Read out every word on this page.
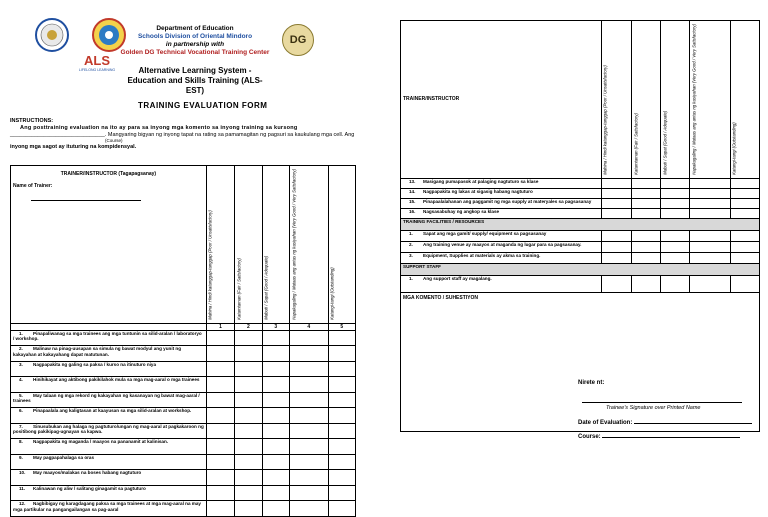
ALS
LIFELONG LEARNING
DG
Department of Education
Schools Division of Oriental Mindoro
in partnership with
Golden DG Technical Vocational Training Center
Alternative Learning System -
Education and Skills Training (ALS-EST)
TRAINING EVALUATION FORM
INSTRUCTIONS:
Ang posttraining evaluation na ito ay para sa inyong mga komento sa inyong training sa kursong
_______________________________. Mangyaring bigyan ng inyong tapat na rating sa pamamagitan ng pagsuri sa kaukulang mga cell. Ang
(Course)
inyong mga sagot ay ituturing na kompidensyal.
TRAINER/INSTRUCTOR (Tagapagsanay)
Name of Trainer:	Mahina / Hindi katanggap-tanggap (Poor / Unsatisfactory)	Katamtaman (Fair / Satisfactory)	Mabuti / Sapat (Good / Adequate)	Napakagaling / Mataas ang antas ng kasiyahan (Very Good / Very Satisfactory)	Katangi-tangi (Outstanding)
	1	2	3	4	5
1. Pinapaliwanag sa mga trainees ang mga tuntunin sa silid-aralan / laboratoryo / workshop.					
2. Malinaw na pinag-uusapan sa simula ng bawat modyul ang yunit ng kakayahan at kakayahang dapat matutunan.					
3. Nagpapakita ng galing sa paksa / kurso na itinuturo niya					
4. Hinihikayat ang aktibong pakikilahok mula sa mga mag-aaral o mga trainees					
5. May talaan ng mga rekord ng kakayahan ng kasanayan ng bawat mag-aaral / trainees					
6. Pinapaalala ang kaligtasan at kaayusan sa mga silid-aralan at workshop.					
7. Sinusubukan ang halaga ng pagtuturo/ungan ng mag-aaral at pagkakaroon ng positibong pakikipag-ugnayan sa kapwa.					
8. Nagpapakita ng maganda / maayos na pananamit at kalinisan.					
9. May pagpapahalaga sa oras					
10. May maayos/malakas na boses habang nagtuturo					
11. Kalinawan ng aliw / salitang ginagamit sa pagtuturo					
12. Nagbibigay ng karagdagang paksa sa mga trainees at mga mag-aaral na may mga partikular na pangangailangan sa pag-aaral					
TRAINER/INSTRUCTOR	Mahina / Hindi katanggap-tanggap (Poor / Unsatisfactory)	Katamtaman (Fair / Satisfactory)	Mabuti / Sapat (Good / Adequate)	Napakagaling / Mataas ang antas ng kasiyahan (Very Good / Very Satisfactory)	Katangi-tangi (Outstanding)
13. Masigang pumapasok at palaging nagtuturo sa klase					
14. Nagpapakita ng lakas at sigasig habang nagtuturo					
15. Pinapaalalahanan ang paggamit ng mga supply at materyales sa pagsasanay					
16. Nagsasabuhay ng angkop sa klase					
TRAINING FACILITIES / RESOURCES					
1. Sapat ang mga gamit/ supply/ equipment sa pagsasanay					
2. Ang training venue ay maayos at maganda ng lugar para sa pagsasanay.					
3. Equipment, Supplies at materials ay akma sa training.					
SUPPORT STAFF					
1. Ang support staff ay magalang.					

MGA KOMENTO / SUHESTIYON					
Nirete nt:
Trainee's Signature over Printed Name
Date of Evaluation:
Course:
